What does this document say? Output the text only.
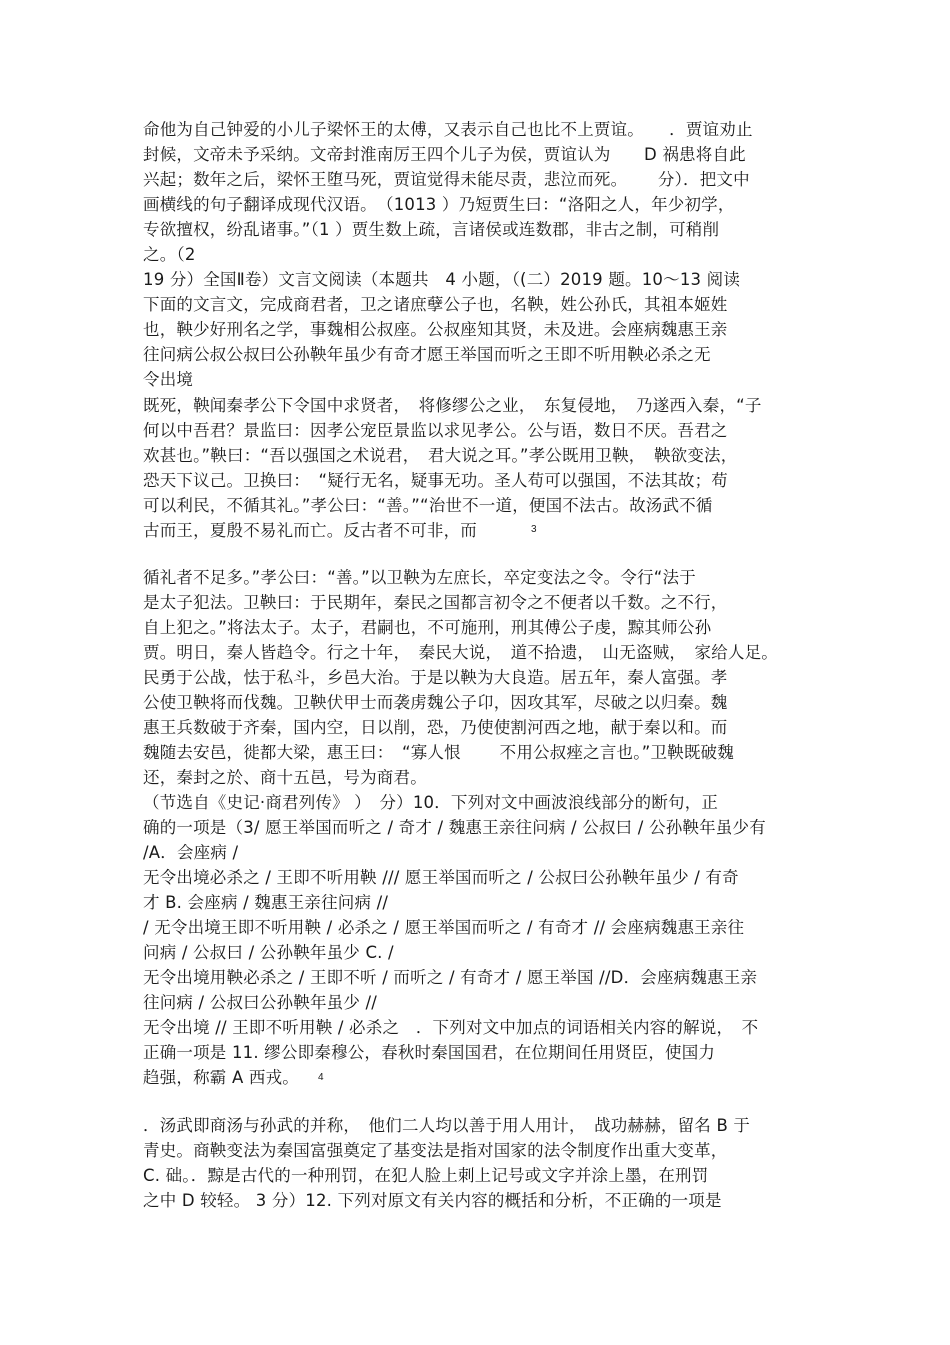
命他为自己钟爱的小儿子梁怀王的太傅，又表示自己也比不上贾谊。　　．贾谊劝止
封候，文帝未予采纳。文帝封淮南厉王四个儿子为侯，贾谊认为　　D 祸患将自此
兴起；数年之后，梁怀王堕马死，贾谊觉得未能尽责，悲泣而死。　　 分）．把文中
画横线的句子翻译成现代汉语。　（1013 ）乃短贾生曰：“洛阳之人，年少初学，
专欲擅权，纷乱诸事。”（1 ）贾生数上疏，言诸侯或连数郡，非古之制，可稍削
之。（2
19 分）全国Ⅱ卷）文言文阅读（本题共　4 小题，（(二）2019 题。10～13 阅读
下面的文言文，完成商君者，卫之诸庶孽公子也，名鞅，姓公孙氏，其祖本姬姓
也，鞅少好刑名之学，事魏相公叔座。公叔座知其贤，未及进。会座病魏惠王亲
往问病公叔公叔曰公孙鞅年虽少有奇才愿王举国而听之王即不听用鞅必杀之无
令出境
既死，鞅闻秦孝公下令国中求贤者，　将修缪公之业，　东复侵地，　乃遂西入秦，“子
何以中吾君？景监曰：因孝公宠臣景监以求见孝公。公与语，数日不厌。吾君之
欢甚也。”鞅曰：“吾以强国之术说君，　君大说之耳。”孝公既用卫鞅，　鞅欲变法，
恐天下议己。卫换曰：　“疑行无名，疑事无功。圣人苟可以强国，不法其故；苟
可以利民，不循其礼。”孝公曰：“善。”“治世不一道，便国不法古。故汤武不循
古而王，夏殷不易礼而亡。反古者不可非，而	3
循礼者不足多。”孝公曰：“善。”以卫鞅为左庶长，卒定变法之令。令行“法于
是太子犯法。卫鞅曰：于民期年，秦民之国都言初令之不便者以千数。之不行，
自上犯之。”将法太子。太子，君嗣也，不可施刑，刑其傅公子虔，黥其师公孙
贾。明日，秦人皆趋令。行之十年，　秦民大说，　道不拾遗，　山无盗贼，　家给人足。
民勇于公战，怯于私斗，乡邑大治。于是以鞅为大良造。居五年，秦人富强。孝
公使卫鞅将而伐魏。卫鞅伏甲士而袭虏魏公子卬，因攻其军，尽破之以归秦。魏
惠王兵数破于齐秦，国内空，日以削，恐，乃使使割河西之地，献于秦以和。而
魏随去安邑，徙都大梁，惠王曰：　“寡人恨　　 不用公叔痤之言也。”卫鞅既破魏
还，秦封之於、商十五邑，号为商君。
（节选自《史记·商君列传》 ）　分）10．下列对文中画波浪线部分的断句，正
确的一项是（3/ 愿王举国而听之 / 奇才 / 魏惠王亲往问病 / 公叔曰 / 公孙鞅年虽少有
/A．会座病 /
无令出境必杀之 / 王即不听用鞅 /// 愿王举国而听之 / 公叔曰公孙鞅年虽少 / 有奇
才 B. 会座病 / 魏惠王亲往问病 //
/ 无令出境王即不听用鞅 / 必杀之 / 愿王举国而听之 / 有奇才 // 会座病魏惠王亲往
问病 / 公叔曰 / 公孙鞅年虽少 C. /
无令出境用鞅必杀之 / 王即不听 / 而听之 / 有奇才 / 愿王举国 //D．会座病魏惠王亲
往问病 / 公叔曰公孙鞅年虽少 //
无令出境 // 王即不听用鞅 / 必杀之　．下列对文中加点的词语相关内容的解说，　不
正确一项是 11. 缪公即秦穆公，春秋时秦国国君，在位期间任用贤臣，使国力
趋强，称霸 A 西戎。	4
．汤武即商汤与孙武的并称，　他们二人均以善于用人用计，　战功赫赫，留名 B 于
青史。商鞅变法为秦国富强奠定了基变法是指对国家的法令制度作出重大变革，
C. 础。．黥是古代的一种刑罚，在犯人脸上刺上记号或文字并涂上墨，在刑罚
之中 D 较轻。 3 分）12. 下列对原文有关内容的概括和分析，不正确的一项是
